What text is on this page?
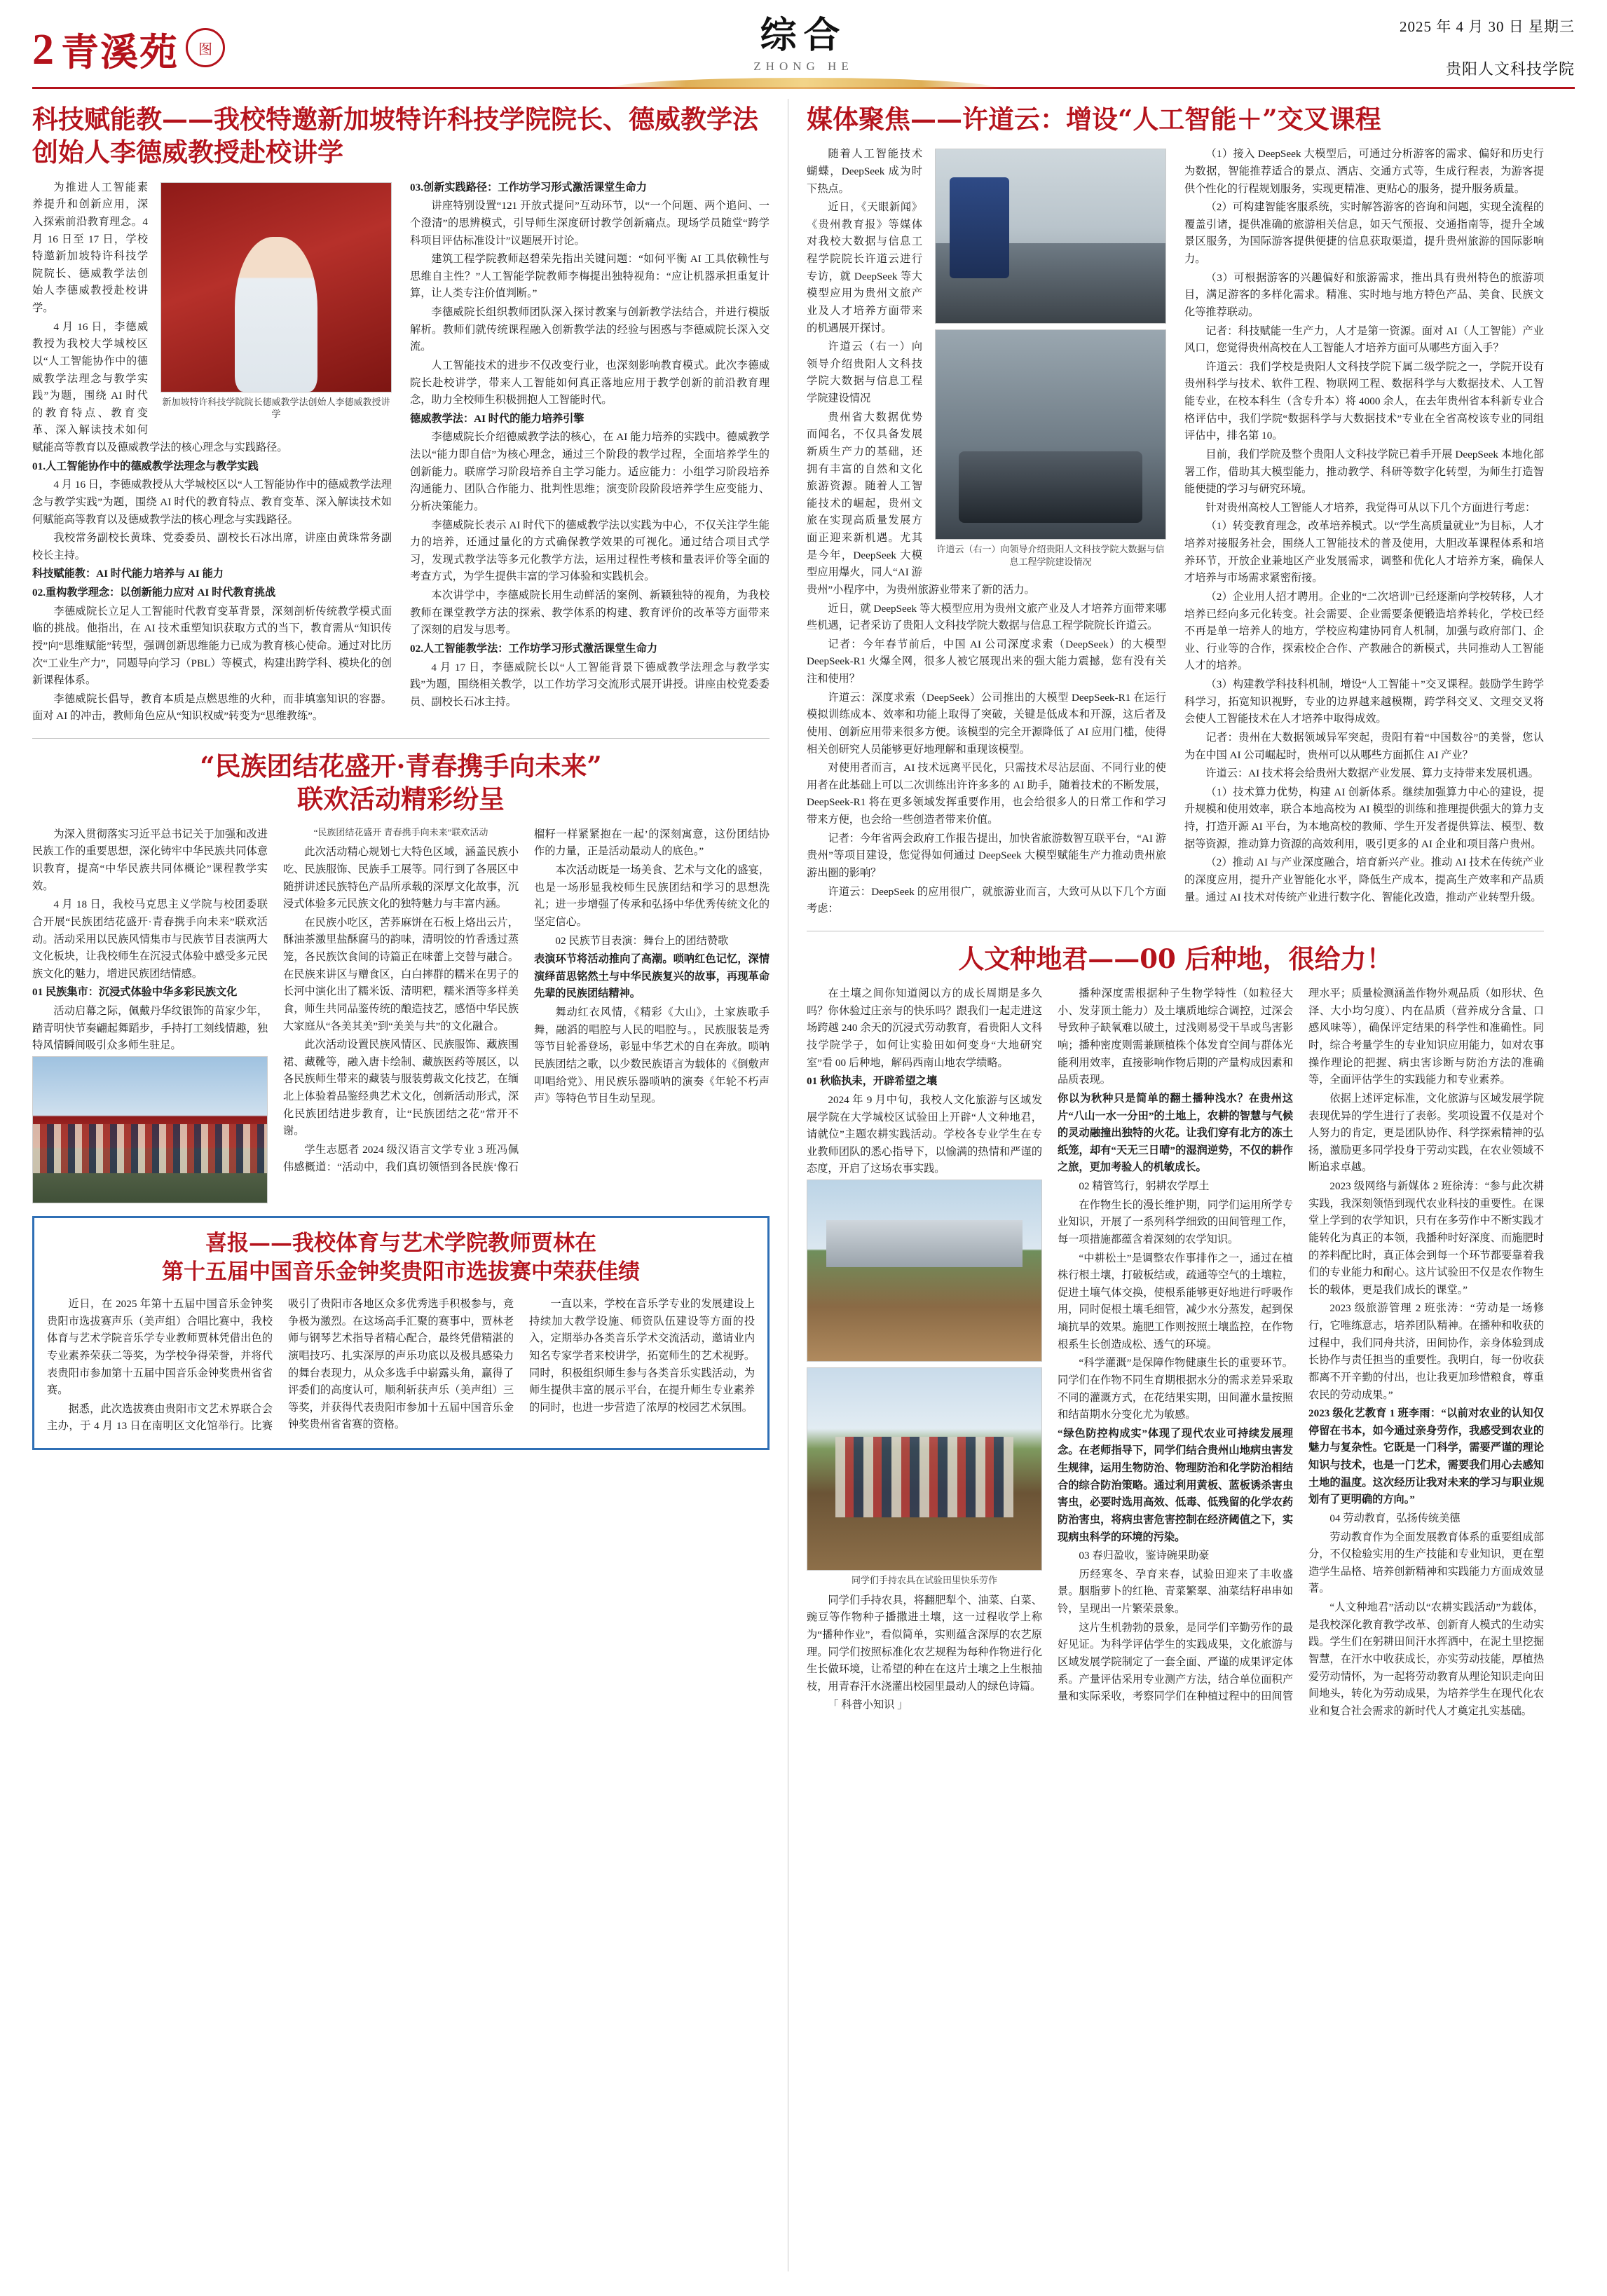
2 青溪苑	图	综合
ZHONG HE
2025 年 4 月 30 日 星期三
贵阳人文科技学院
科技赋能教——我校特邀新加坡特许科技学院院长、德威教学法创始人李德威教授赴校讲学
新加坡特许科技学院院长德威教学法创始人李德威教授讲学

为推进人工智能素养提升和创新应用，深入探索前沿教育理念。4 月 16 日至 17 日，学校特邀新加坡特许科技学院院长、德威教学法创始人李德威教授赴校讲学。

4 月 16 日，李德威教授为我校大学城校区以“人工智能协作中的德威教学法理念与教学实践”为题，围绕 AI 时代的教育特点、教育变革、深入解读技术如何赋能高等教育以及德威教学法的核心理念与实践路径。

01.人工智能协作中的德威教学法理念与教学实践

4 月 16 日，李德威教授从大学城校区以“人工智能协作中的德威教学法理念与教学实践”为题，围绕 AI 时代的教育特点、教育变革、深入解读技术如何赋能高等教育以及德威教学法的核心理念与实践路径。

我校常务副校长黄珠、党委委员、副校长石冰出席，讲座由黄珠常务副校长主持。

科技赋能教：AI 时代能力培养与 AI 能力

02.重构教学理念：以创新能力应对 AI 时代教育挑战

李德威院长立足人工智能时代教育变革背景，深刻剖析传统教学模式面临的挑战。他指出，在 AI 技术重塑知识获取方式的当下，教育需从“知识传授”向“思维赋能”转型，强调创新思维能力已成为教育核心使命。通过对比历次“工业生产力”，同题导向学习（PBL）等模式，构建出跨学科、模块化的创新课程体系。

李德威院长倡导，教育本质是点燃思维的火种，而非填塞知识的容器。面对 AI 的冲击，教师角色应从“知识权威”转变为“思维教练”。

03.创新实践路径：工作坊学习形式激活课堂生命力

讲座特别设置“121 开放式提问”互动环节，以“一个问题、两个追问、一个澄清”的思辨模式，引导师生深度研讨教学创新痛点。现场学员随堂“跨学科项目评估标准设计”议题展开讨论。

建筑工程学院教师赵碧荣先指出关键问题：“如何平衡 AI 工具依赖性与思维自主性？”人工智能学院教师李梅提出独特视角：“应让机器承担重复计算，让人类专注价值判断。”

李德威院长组织教师团队深入探讨教案与创新教学法结合，并进行模版解析。教师们就传统课程融入创新教学法的经验与困惑与李德威院长深入交流。

人工智能技术的进步不仅改变行业，也深刻影响教育模式。此次李德威院长赴校讲学，带来人工智能如何真正落地应用于教学创新的前沿教育理念，助力全校师生积极拥抱人工智能时代。

德威教学法：AI 时代的能力培养引擎

李德威院长介绍德威教学法的核心，在 AI 能力培养的实践中。德威教学法以“能力即自信”为核心理念，通过三个阶段的教学过程，全面培养学生的创新能力。联席学习阶段培养自主学习能力。适应能力：小组学习阶段培养沟通能力、团队合作能力、批判性思维；演变阶段阶段培养学生应变能力、分析决策能力。

李德威院长表示 AI 时代下的德威教学法以实践为中心，不仅关注学生能力的培养，还通过量化的方式确保教学效果的可视化。通过结合项目式学习，发现式教学法等多元化教学方法，运用过程性考核和量表评价等全面的考查方式，为学生提供丰富的学习体验和实践机会。

本次讲学中，李德威院长用生动鲜活的案例、新颖独特的视角，为我校教师在课堂教学方法的探索、教学体系的构建、教育评价的改革等方面带来了深刻的启发与思考。

02.人工智能教学法：工作坊学习形式激活课堂生命力

4 月 17 日，李德威院长以“人工智能背景下德威教学法理念与教学实践”为题，围绕相关教学，以工作坊学习交流形式展开讲授。讲座由校党委委员、副校长石冰主持。

“民族团结花盛开·青春携手向未来”
联欢活动精彩纷呈

为深入贯彻落实习近平总书记关于加强和改进民族工作的重要思想，深化铸牢中华民族共同体意识教育，提高“中华民族共同体概论”课程教学实效。

4 月 18 日，我校马克思主义学院与校团委联合开展“民族团结花盛开·青春携手向未来”联欢活动。活动采用以民族风情集市与民族节目表演两大文化板块，让我校师生在沉浸式体验中感受多元民族文化的魅力，增进民族团结情感。

01 民族集市：沉浸式体验中华多彩民族文化

活动启幕之际，佩戴丹华纹银饰的苗家少年，踏青明快节奏翩起舞蹈步，手持打工刻线情趣，独特风情瞬间吸引众多师生驻足。

“民族团结花盛开 青春携手向未来”联欢活动

此次活动精心规划七大特色区域，涵盖民族小吃、民族服饰、民族手工展等。同行到了各展区中随拼讲述民族特色产品所承载的深厚文化故事，沉浸式体验多元民族文化的独特魅力与丰富内涵。

在民族小吃区，苦荞麻饼在石板上烙出云片，酥油茶激里盐酥腐马的韵味，清明饺的竹香透过蒸笼，各民族饮食间的诗篇正在味蕾上交替与融合。在民族来讲区与赠食区，白白摔群的糯米在男子的长河中演化出了糯米饭、清明粑，糯米酒等多样美食，师生共同品鉴传统的酿造技艺，感悟中华民族大家庭从“各美其美”到“美美与共”的文化融合。

此次活动设置民族风情区、民族服饰、藏族围裙、藏靴等，融入唐卡绘制、藏族医药等展区，以各民族师生带来的藏装与服装剪裁文化技艺，在缅北上体验着品鉴经典艺术文化，创新活动形式，深化民族团结进步教育，让“民族团结之花”常开不谢。

学生志愿者 2024 级汉语言文学专业 3 班冯佩伟感概道：“活动中，我们真切领悟到各民族‘像石榴籽一样紧紧抱在一起’的深刻寓意，这份团结协作的力量，正是活动最动人的底色。”

本次活动既是一场美食、艺术与文化的盛宴，也是一场形显我校师生民族团结和学习的思想洗礼；进一步增强了传承和弘扬中华优秀传统文化的坚定信心。

02 民族节目表演：舞台上的团结赞歌

表演环节将活动推向了高潮。唢呐红色记忆，深情演绎苗思铭然土与中华民族复兴的故事，再现革命先辈的民族团结精神。

舞动红衣风情，《精彩《大山》，土家族歌手舞，融滔的唱腔与人民的唱腔与。，民族服装是秀等节目轮番登场，彰显中华艺术的自在奔放。唢呐民族团结之歌，以少数民族语言为载体的《倒敷声叩唱给党》、用民族乐器唢呐的演奏《年轮不朽声声》等特色节目生动呈现。

喜报——我校体育与艺术学院教师贾林在
第十五届中国音乐金钟奖贵阳市选拔赛中荣获佳绩

近日，在 2025 年第十五届中国音乐金钟奖贵阳市选拔赛声乐（美声组）合唱比赛中，我校体育与艺术学院音乐学专业教师贾林凭借出色的专业素养荣获二等奖，为学校争得荣誉，并将代表贵阳市参加第十五届中国音乐金钟奖贵州省省赛。

据悉，此次选拔赛由贵阳市文艺术界联合会主办，于 4 月 13 日在南明区文化馆举行。比赛吸引了贵阳市各地区众多优秀选手积极参与，竞争极为激烈。在这场高手汇聚的赛事中，贾林老师与钢琴艺术指导者精心配合，最终凭借精湛的演唱技巧、扎实深厚的声乐功底以及极具感染力的舞台表现力，从众多选手中崭露头角，赢得了评委们的高度认可，顺利斩获声乐（美声组）三等奖，并获得代表贵阳市参加十五届中国音乐金钟奖贵州省省赛的资格。

一直以来，学校在音乐学专业的发展建设上持续加大教学设施、师资队伍建设等方面的投入，定期举办各类音乐学术交流活动，邀请业内知名专家学者来校讲学，拓宽师生的艺术视野。同时，积极组织师生参与各类音乐实践活动，为师生提供丰富的展示平台，在提升师生专业素养的同时，也进一步营造了浓厚的校园艺术氛围。

媒体聚焦——许道云：增设“人工智能＋”交叉课程
许道云（右一）向领导介绍贵阳人文科技学院大数据与信息工程学院建设情况

随着人工智能技术蝴蝶，DeepSeek 成为时下热点。

近日，《天眼新闻》《贵州教育报》等媒体对我校大数据与信息工程学院院长许道云进行专访，就 DeepSeek 等大模型应用为贵州文旅产业及人才培养方面带来的机遇展开探讨。

许道云（右一）向领导介绍贵阳人文科技学院大数据与信息工程学院建设情况

贵州省大数据优势而闻名，不仅具备发展新质生产力的基础，还拥有丰富的自然和文化旅游资源。随着人工智能技术的崛起，贵州文旅在实现高质量发展方面正迎来新机遇。尤其是今年，DeepSeek 大模型应用爆火，同人“AI 游贵州”小程序中，为贵州旅游业带来了新的活力。

近日，就 DeepSeek 等大模型应用为贵州文旅产业及人才培养方面带来哪些机遇，记者采访了贵阳人文科技学院大数据与信息工程学院院长许道云。

记者：今年春节前后，中国 AI 公司深度求索（DeepSeek）的大模型 DeepSeek-R1 火爆全网，很多人被它展现出来的强大能力震撼，您有没有关注和使用？

许道云：深度求索（DeepSeek）公司推出的大模型 DeepSeek-R1 在运行模拟训练成本、效率和功能上取得了突破，关键是低成本和开源，这后者及使用、创新应用带来很多方便。该模型的完全开源降低了 AI 应用门槛，使得相关创研究人员能够更好地理解和重现该模型。

对使用者而言，AI 技术远离平民化，只需技术尽沾层面、不同行业的使用者在此基础上可以二次训练出许许多多的 AI 助手，随着技术的不断发展，DeepSeek-R1 将在更多领域发挥重要作用，也会给很多人的日常工作和学习带来方便，也会给一些创造者带来价值。

记者：今年省两会政府工作报告提出，加快省旅游数智互联平台，“AI 游贵州”等项目建设，您觉得如何通过 DeepSeek 大模型赋能生产力推动贵州旅游出圈的影响？

许道云：DeepSeek 的应用很广，就旅游业而言，大致可从以下几个方面考虑：

（1）接入 DeepSeek 大模型后，可通过分析游客的需求、偏好和历史行为数据，智能推荐适合的景点、酒店、交通方式等，生成行程表，为游客提供个性化的行程规划服务，实现更精准、更贴心的服务，提升服务质量。

（2）可构建智能客服系统，实时解答游客的咨询和问题，实现全流程的覆盖引诸，提供准确的旅游相关信息，如天气预报、交通指南等，提升全域景区服务，为国际游客提供便捷的信息获取渠道，提升贵州旅游的国际影响力。

（3）可根据游客的兴趣偏好和旅游需求，推出具有贵州特色的旅游项目，满足游客的多样化需求。精准、实时地与地方特色产品、美食、民族文化等推荐联动。

记者：科技赋能一生产力，人才是第一资源。面对 AI（人工智能）产业风口，您觉得贵州高校在人工智能人才培养方面可从哪些方面入手？

许道云：我们学校是贵阳人文科技学院下属二级学院之一，学院开设有贵州科学与技术、软件工程、物联网工程、数据科学与大数据技术、人工智能专业，在校本科生（含专升本）将 4000 余人，在去年贵州省本科新专业合格评估中，我们学院“数据科学与大数据技术”专业在全省高校该专业的同组评估中，排名第 10。

目前，我们学院及整个贵阳人文科技学院已着手开展 DeepSeek 本地化部署工作，借助其大模型能力，推动教学、科研等数字化转型，为师生打造智能便捷的学习与研究环境。

针对贵州高校人工智能人才培养，我觉得可从以下几个方面进行考虑：

（1）转变教育理念，改革培养模式。以“学生高质量就业”为目标，人才培养对接服务社会，围绕人工智能技术的普及使用，大胆改革课程体系和培养环节，开放企业兼地区产业发展需求，调整和优化人才培养方案，确保人才培养与市场需求紧密衔接。

（2）企业用人招才聘用。企业的“二次培训”已经逐渐向学校转移，人才培养已经向多元化转变。社会需要、企业需要条便锻造培养转化，学校已经不再是单一培养人的地方，学校应构建协同育人机制，加强与政府部门、企业、行业等的合作，探索校企合作、产教融合的新模式，共同推动人工智能人才的培养。

（3）构建教学科技科机制，增设“人工智能＋”交叉课程。鼓励学生跨学科学习，拓宽知识视野，专业的边界越来越模糊，跨学科交叉、文理交叉将会使人工智能技术在人才培养中取得成效。

记者：贵州在大数据领域异军突起，贵阳有着“中国数谷”的美誉，您认为在中国 AI 公司崛起时，贵州可以从哪些方面抓住 AI 产业？

许道云：AI 技术将会给贵州大数据产业发展、算力支持带来发展机遇。

（1）技术算力优势，构建 AI 创新体系。继续加强算力中心的建设，提升规模和使用效率，联合本地高校为 AI 模型的训练和推理提供强大的算力支持，打造开源 AI 平台，为本地高校的教师、学生开发者提供算法、模型、数据等资源，推动算力资源的高效利用，吸引更多的 AI 企业和项目落户贵州。

（2）推动 AI 与产业深度融合，培育新兴产业。推动 AI 技术在传统产业的深度应用，提升产业智能化水平，降低生产成本，提高生产效率和产品质量。通过 AI 技术对传统产业进行数字化、智能化改造，推动产业转型升级。

人文种地君——00 后种地，很给力！

在土壤之间你知道阅以方的成长周期是多久吗？你休验过庄亲与的快乐吗？跟我们一起走进这场跨越 240 余天的沉浸式劳动教育，看贵阳人文科技学院学子，如何让实验田如何变身“大地研究室”看 00 后种地，解码西南山地农学绩略。

01 秋临执耒，开辟希望之壤

2024 年 9 月中旬，我校人文化旅游与区域发展学院在大学城校区试验田上开辟“人文种地君，请就位”主题农耕实践活动。学校各专业学生在专业教师团队的悉心指导下，以愉满的热情和严谨的态度，开启了这场农事实践。

同学们手持农具在试验田里快乐劳作

同学们手持农具，将翻肥犁个、油菜、白菜、豌豆等作物种子播撒进土壤，这一过程收学上称为“播种作业”，看似简单，实则蕴含深厚的农艺原理。同学们按照标准化农艺规程为每种作物进行化生长做环境，让希望的种在在这片土壤之上生根抽枝，用青春汗水浇灌出校园里最动人的绿色诗篇。

「 科普小知识 」

播种深度需根据种子生物学特性（如粒径大小、发芽顶土能力）及土壤质地综合调控，过深会导致种子缺氧难以破土，过浅则易受干旱或鸟害影响；播种密度则需兼顾植株个体发育空间与群体光能利用效率，直接影响作物后期的产量构成因素和品质表现。

你以为秋种只是简单的翻土播种浅水？在贵州这片“八山一水一分田”的土地上，农耕的智慧与气候的灵动融撞出独特的火花。让我们穿有北方的冻土纸笼，却有“天无三日晴”的湿润逆势，不仅的耕作之旅，更加考验人的机敏成长。

02 精管笃行，躬耕农学厚土

在作物生长的漫长维护期，同学们运用所学专业知识，开展了一系列科学细致的田间管理工作，每一项措施都蕴含着深刻的农学知识。

“中耕松土”是调整农作事排作之一，通过在植株行根土壤，打破板结或，疏通等空气的土壤粒，促进土壤气体交换，使根系能够更好地进行呼吸作用，同时促根土壤毛细管，减少水分蒸发，起到保墒抗旱的效果。施肥工作则按照土壤监控，在作物根系生长创造成松、透气的环境。

“科学灌溉”是保障作物健康生长的重要环节。同学们在作物不同生育期根据水分的需求差异采取不同的灌溉方式，在花结果实期，田间灌水量按照和结苗期水分变化尤为敏感。

“绿色防控构成实”体现了现代农业可持续发展理念。在老师指导下，同学们结合贵州山地病虫害发生规律，运用生物防治、物理防治和化学防治相结合的综合防治策略。通过利用黄板、蓝板诱杀害虫害虫，必要时选用高效、低毒、低残留的化学农药防治害虫，将病虫害危害控制在经济阈值之下，实现病虫科学的环境的污染。

03 春归盈收，鉴诗碗果助豪

历经寒冬、孕育来春，试验田迎来了丰收盛景。胭脂萝卜的红艳、青菜繁翠、油菜结籽串串如铃，呈现出一片繁荣景象。

这片生机勃勃的景象，是同学们辛勤劳作的最好见证。为科学评估学生的实践成果，文化旅游与区域发展学院制定了一套全面、严谨的成果评定体系。产量评估采用专业测产方法，结合单位面积产量和实际采收，考察同学们在种植过程中的田间管理水平；质量检测涵盖作物外观品质（如形状、色泽、大小均匀度）、内在品质（营养成分含量、口感风味等），确保评定结果的科学性和准确性。同时，综合考量学生的专业知识应用能力，如对农事操作理论的把握、病虫害诊断与防治方法的准确等，全面评估学生的实践能力和专业素养。

依据上述评定标准，文化旅游与区域发展学院表现优异的学生进行了表彰。奖项设置不仅是对个人努力的肯定，更是团队协作、科学探索精神的弘扬，激励更多同学投身于劳动实践，在农业领域不断追求卓越。

2023 级网络与新媒体 2 班徐涛：“参与此次耕实践，我深刻领悟到现代农业科技的重要性。在课堂上学到的农学知识，只有在多劳作中不断实践才能转化为真正的本领，我播种时好深度、而施肥时的养料配比时，真正体会到每一个环节都要靠着我们的专业能力和耐心。这片试验田不仅是农作物生长的载体，更是我们成长的课堂。”

2023 级旅游管理 2 班张涛：“劳动是一场修行，它唯练意志，培养团队精神。在播种和收获的过程中，我们同舟共济，田间协作，亲身体验到成长协作与责任担当的重要性。我明白，每一份收获都离不开辛勤的付出，也让我更加珍惜粮食，尊重农民的劳动成果。”

2023 级化艺教育 1 班李雨：“以前对农业的认知仅停留在书本，如今通过亲身劳作，我感受到农业的魅力与复杂性。它既是一门科学，需要严谨的理论知识与技术，也是一门艺术，需要我们用心去感知土地的温度。这次经历让我对未来的学习与职业规划有了更明确的方向。”

04 劳动教育，弘扬传统美德

劳动教育作为全面发展教育体系的重要组成部分，不仅检验实用的生产技能和专业知识，更在塑造学生品格、培养创新精神和实践能力方面成效显著。

“人文种地君”活动以“农耕实践活动”为载体，是我校深化教育教学改革、创新育人模式的生动实践。学生们在躬耕田间汗水挥洒中，在泥土里挖掘智慧，在汗水中收获成长，亦实劳动技能，厚植热爱劳动情怀，为一起将劳动教育从理论知识走向田间地头，转化为劳动成果，为培养学生在现代化农业和复合社会需求的新时代人才奠定扎实基础。
